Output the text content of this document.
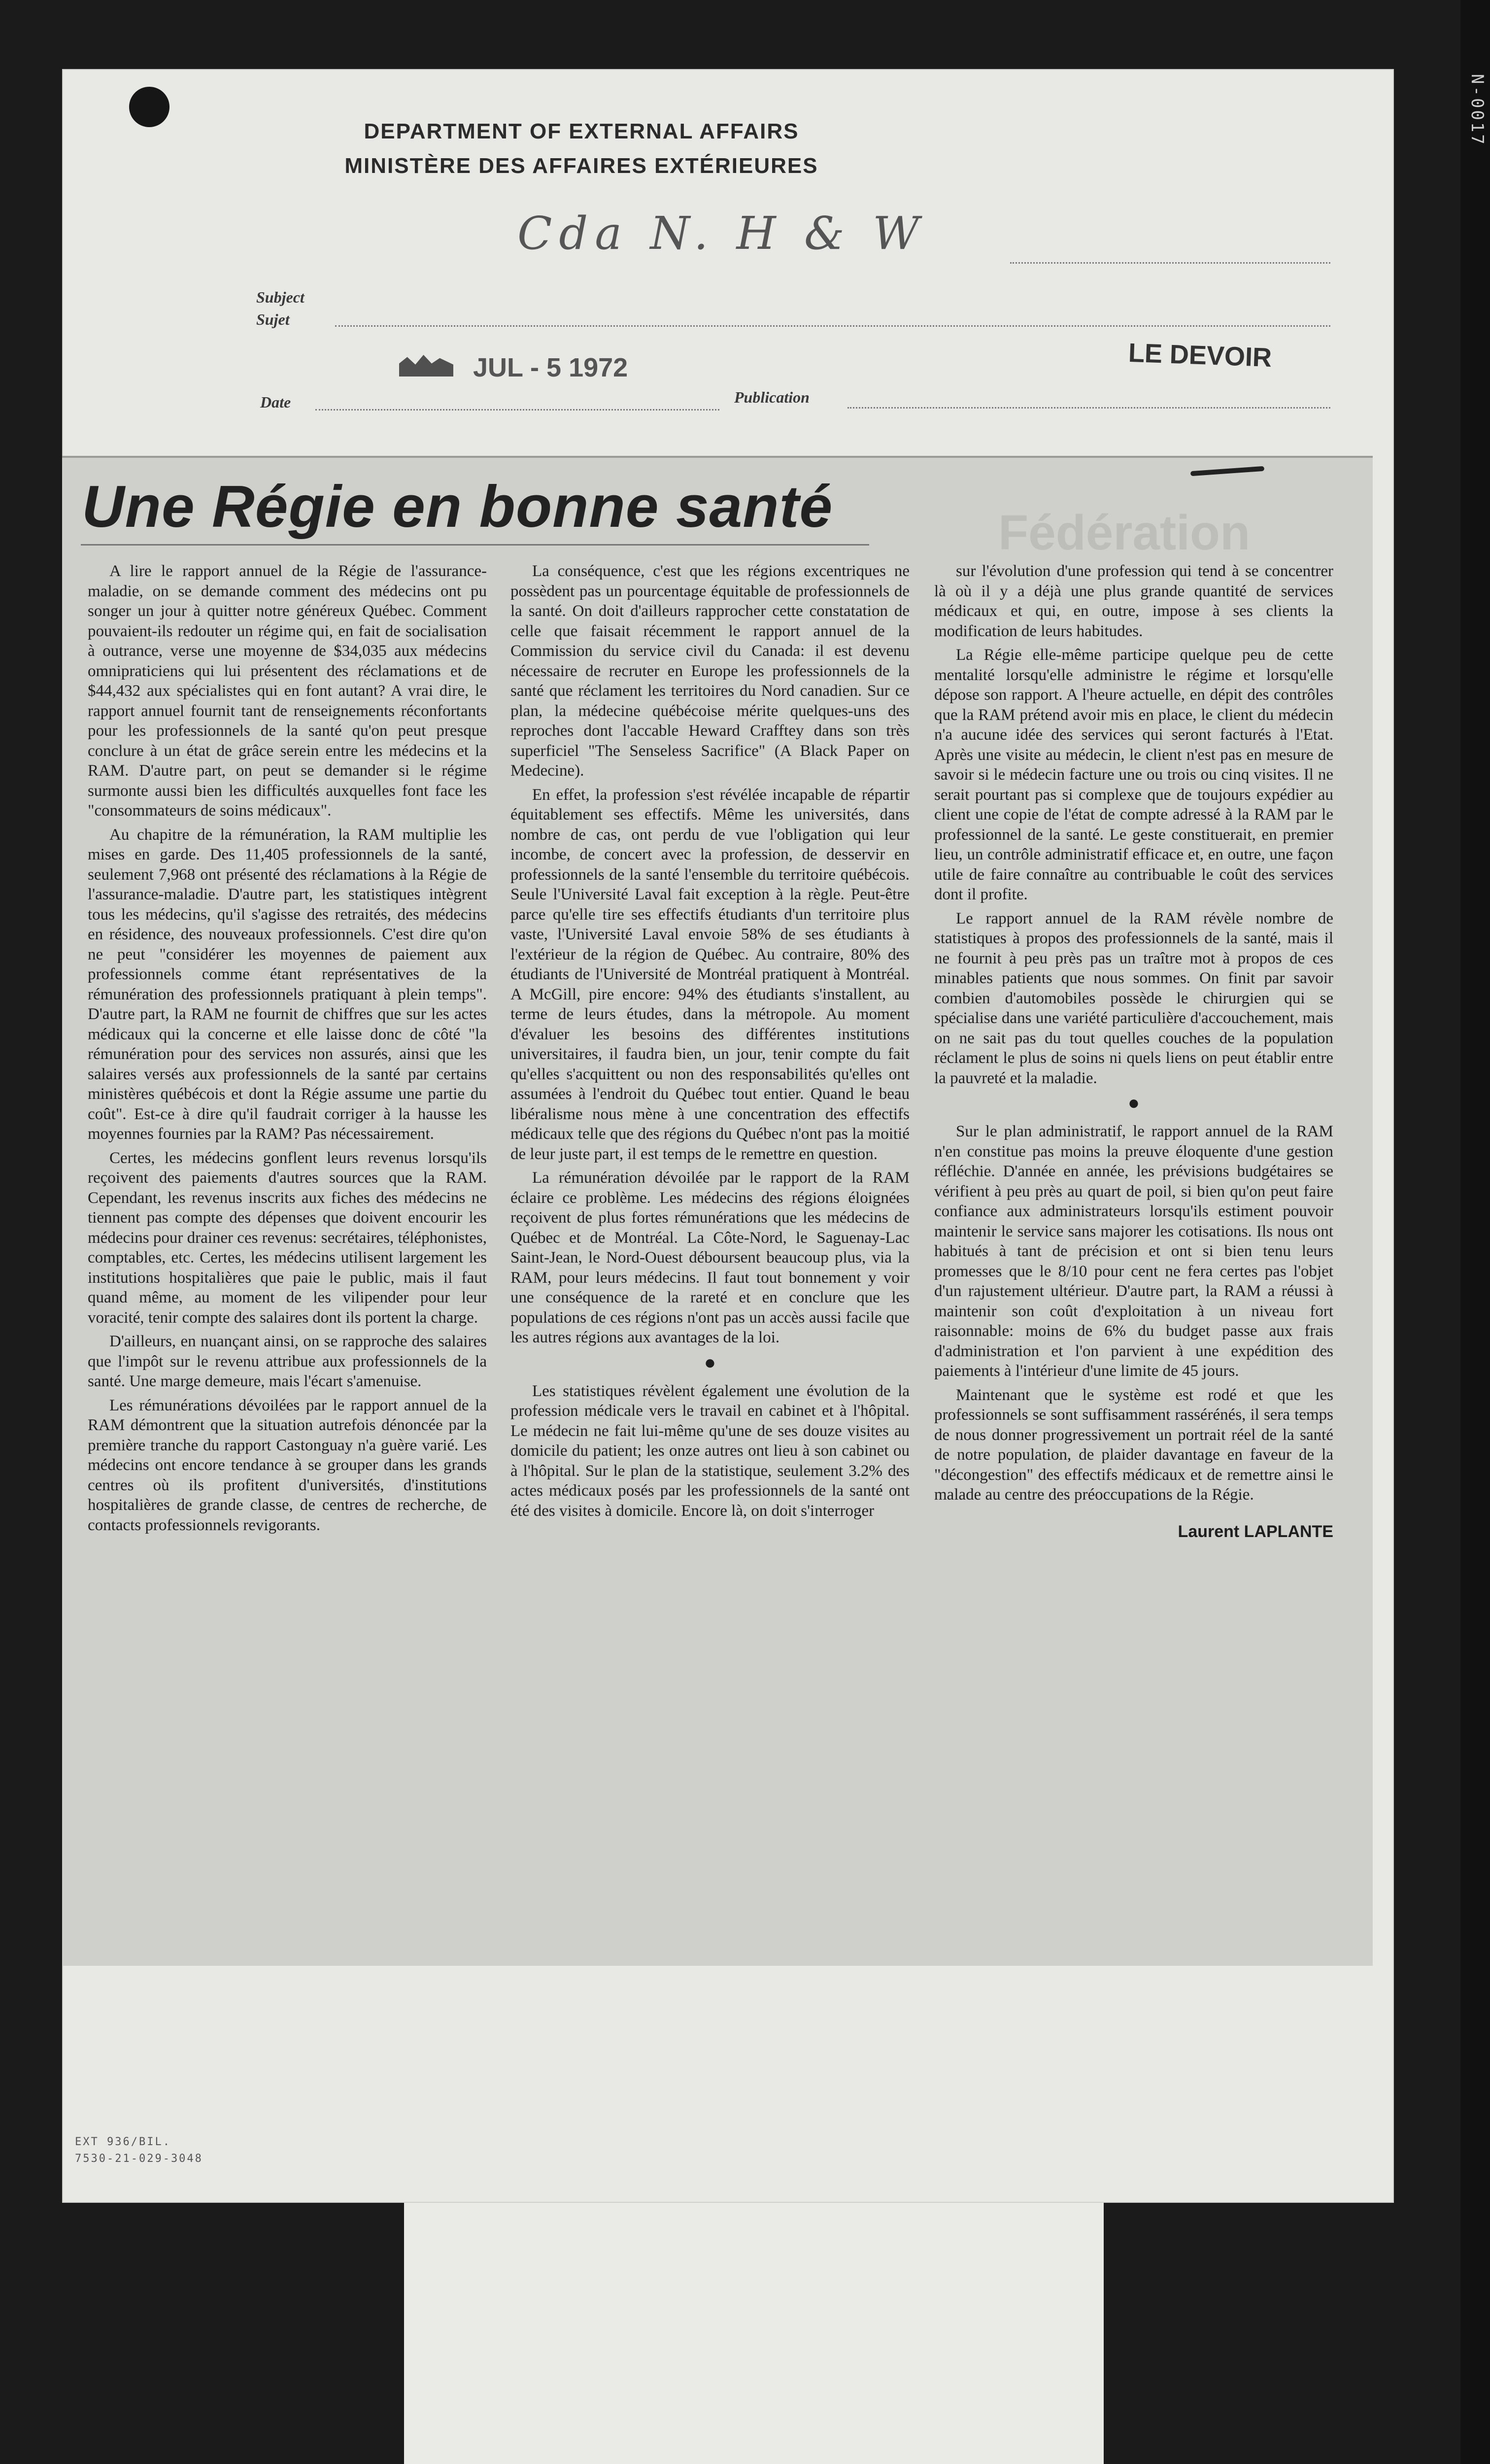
N-0017
DEPARTMENT OF EXTERNAL AFFAIRS
MINISTÈRE DES AFFAIRES EXTÉRIEURES
Subject
Sujet
Cda N. H & W
Date
JUL - 5 1972
Publication
LE DEVOIR
Fédération
Une Régie en bonne santé

A lire le rapport annuel de la Régie de l'assurance-maladie, on se demande comment des médecins ont pu songer un jour à quitter notre généreux Québec. Comment pouvaient-ils redouter un régime qui, en fait de socialisation à outrance, verse une moyenne de $34,035 aux médecins omnipraticiens qui lui présentent des réclamations et de $44,432 aux spécialistes qui en font autant? A vrai dire, le rapport annuel fournit tant de renseignements réconfortants pour les professionnels de la santé qu'on peut presque conclure à un état de grâce serein entre les médecins et la RAM. D'autre part, on peut se demander si le régime surmonte aussi bien les difficultés auxquelles font face les "consommateurs de soins médicaux".

Au chapitre de la rémunération, la RAM multiplie les mises en garde. Des 11,405 professionnels de la santé, seulement 7,968 ont présenté des réclamations à la Régie de l'assurance-maladie. D'autre part, les statistiques intègrent tous les médecins, qu'il s'agisse des retraités, des médecins en résidence, des nouveaux professionnels. C'est dire qu'on ne peut "considérer les moyennes de paiement aux professionnels comme étant représentatives de la rémunération des professionnels pratiquant à plein temps". D'autre part, la RAM ne fournit de chiffres que sur les actes médicaux qui la concerne et elle laisse donc de côté "la rémunération pour des services non assurés, ainsi que les salaires versés aux professionnels de la santé par certains ministères québécois et dont la Régie assume une partie du coût". Est-ce à dire qu'il faudrait corriger à la hausse les moyennes fournies par la RAM? Pas nécessairement.

Certes, les médecins gonflent leurs revenus lorsqu'ils reçoivent des paiements d'autres sources que la RAM. Cependant, les revenus inscrits aux fiches des médecins ne tiennent pas compte des dépenses que doivent encourir les médecins pour drainer ces revenus: secrétaires, téléphonistes, comptables, etc. Certes, les médecins utilisent largement les institutions hospitalières que paie le public, mais il faut quand même, au moment de les vilipender pour leur voracité, tenir compte des salaires dont ils portent la charge.

D'ailleurs, en nuançant ainsi, on se rapproche des salaires que l'impôt sur le revenu attribue aux professionnels de la santé. Une marge demeure, mais l'écart s'amenuise.

Les rémunérations dévoilées par le rapport annuel de la RAM démontrent que la situation autrefois dénoncée par la première tranche du rapport Castonguay n'a guère varié. Les médecins ont encore tendance à se grouper dans les grands centres où ils profitent d'universités, d'institutions hospitalières de grande classe, de centres de recherche, de contacts professionnels revigorants.

La conséquence, c'est que les régions excentriques ne possèdent pas un pourcentage équitable de professionnels de la santé. On doit d'ailleurs rapprocher cette constatation de celle que faisait récemment le rapport annuel de la Commission du service civil du Canada: il est devenu nécessaire de recruter en Europe les professionnels de la santé que réclament les territoires du Nord canadien. Sur ce plan, la médecine québécoise mérite quelques-uns des reproches dont l'accable Heward Crafftey dans son très superficiel "The Senseless Sacrifice" (A Black Paper on Medecine).

En effet, la profession s'est révélée incapable de répartir équitablement ses effectifs. Même les universités, dans nombre de cas, ont perdu de vue l'obligation qui leur incombe, de concert avec la profession, de desservir en professionnels de la santé l'ensemble du territoire québécois. Seule l'Université Laval fait exception à la règle. Peut-être parce qu'elle tire ses effectifs étudiants d'un territoire plus vaste, l'Université Laval envoie 58% de ses étudiants à l'extérieur de la région de Québec. Au contraire, 80% des étudiants de l'Université de Montréal pratiquent à Montréal. A McGill, pire encore: 94% des étudiants s'installent, au terme de leurs études, dans la métropole. Au moment d'évaluer les besoins des différentes institutions universitaires, il faudra bien, un jour, tenir compte du fait qu'elles s'acquittent ou non des responsabilités qu'elles ont assumées à l'endroit du Québec tout entier. Quand le beau libéralisme nous mène à une concentration des effectifs médicaux telle que des régions du Québec n'ont pas la moitié de leur juste part, il est temps de le remettre en question.

La rémunération dévoilée par le rapport de la RAM éclaire ce problème. Les médecins des régions éloignées reçoivent de plus fortes rémunérations que les médecins de Québec et de Montréal. La Côte-Nord, le Saguenay-Lac Saint-Jean, le Nord-Ouest déboursent beaucoup plus, via la RAM, pour leurs médecins. Il faut tout bonnement y voir une conséquence de la rareté et en conclure que les populations de ces régions n'ont pas un accès aussi facile que les autres régions aux avantages de la loi.

●

Les statistiques révèlent également une évolution de la profession médicale vers le travail en cabinet et à l'hôpital. Le médecin ne fait lui-même qu'une de ses douze visites au domicile du patient; les onze autres ont lieu à son cabinet ou à l'hôpital. Sur le plan de la statistique, seulement 3.2% des actes médicaux posés par les professionnels de la santé ont été des visites à domicile. Encore là, on doit s'interroger

sur l'évolution d'une profession qui tend à se concentrer là où il y a déjà une plus grande quantité de services médicaux et qui, en outre, impose à ses clients la modification de leurs habitudes.

La Régie elle-même participe quelque peu de cette mentalité lorsqu'elle administre le régime et lorsqu'elle dépose son rapport. A l'heure actuelle, en dépit des contrôles que la RAM prétend avoir mis en place, le client du médecin n'a aucune idée des services qui seront facturés à l'Etat. Après une visite au médecin, le client n'est pas en mesure de savoir si le médecin facture une ou trois ou cinq visites. Il ne serait pourtant pas si complexe que de toujours expédier au client une copie de l'état de compte adressé à la RAM par le professionnel de la santé. Le geste constituerait, en premier lieu, un contrôle administratif efficace et, en outre, une façon utile de faire connaître au contribuable le coût des services dont il profite.

Le rapport annuel de la RAM révèle nombre de statistiques à propos des professionnels de la santé, mais il ne fournit à peu près pas un traître mot à propos de ces minables patients que nous sommes. On finit par savoir combien d'automobiles possède le chirurgien qui se spécialise dans une variété particulière d'accouchement, mais on ne sait pas du tout quelles couches de la population réclament le plus de soins ni quels liens on peut établir entre la pauvreté et la maladie.

●

Sur le plan administratif, le rapport annuel de la RAM n'en constitue pas moins la preuve éloquente d'une gestion réfléchie. D'année en année, les prévisions budgétaires se vérifient à peu près au quart de poil, si bien qu'on peut faire confiance aux administrateurs lorsqu'ils estiment pouvoir maintenir le service sans majorer les cotisations. Ils nous ont habitués à tant de précision et ont si bien tenu leurs promesses que le 8/10 pour cent ne fera certes pas l'objet d'un rajustement ultérieur. D'autre part, la RAM a réussi à maintenir son coût d'exploitation à un niveau fort raisonnable: moins de 6% du budget passe aux frais d'administration et l'on parvient à une expédition des paiements à l'intérieur d'une limite de 45 jours.

Maintenant que le système est rodé et que les professionnels se sont suffisamment rassérénés, il sera temps de nous donner progressivement un portrait réel de la santé de notre population, de plaider davantage en faveur de la "décongestion" des effectifs médicaux et de remettre ainsi le malade au centre des préoccupations de la Régie.

Laurent LAPLANTE
EXT 936/BIL.
7530-21-029-3048
